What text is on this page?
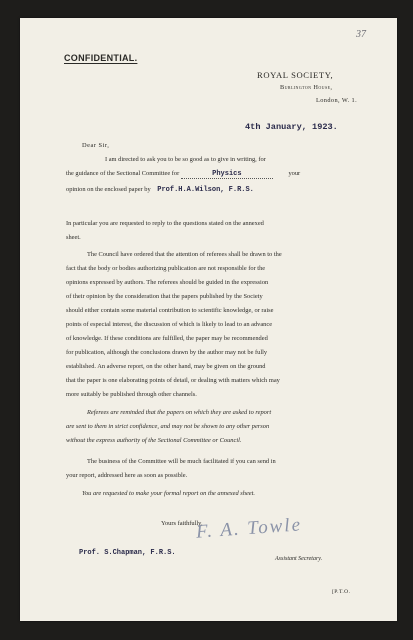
37
CONFIDENTIAL.
ROYAL SOCIETY,
Burlington House,
London, W. 1.
4th January, 1923.
Dear Sir,
I am directed to ask you to be so good as to give in writing, for
the guidance of the Sectional Committee for	Physics	your
opinion on the enclosed paper by Prof.H.A.Wilson, F.R.S.
In particular you are requested to reply to the questions stated on the annexed
sheet.
The Council have ordered that the attention of referees shall be drawn to the
fact that the body or bodies authorizing publication are not responsible for the
opinions expressed by authors. The referees should be guided in the expression
of their opinion by the consideration that the papers published by the Society
should either contain some material contribution to scientific knowledge, or raise
points of especial interest, the discussion of which is likely to lead to an advance
of knowledge. If these conditions are fulfilled, the paper may be recommended
for publication, although the conclusions drawn by the author may not be fully
established. An adverse report, on the other hand, may be given on the ground
that the paper is one elaborating points of detail, or dealing with matters which may
more suitably be published through other channels.
Referees are reminded that the papers on which they are asked to report
are sent to them in strict confidence, and may not be shown to any other person
without the express authority of the Sectional Committee or Council.
The business of the Committee will be much facilitated if you can send in
your report, addressed here as soon as possible.
You are requested to make your formal report on the annexed sheet.
Yours faithfully,
F. A. Towle
Prof. S.Chapman, F.R.S.
Assistant Secretary.
[P.T.O.
